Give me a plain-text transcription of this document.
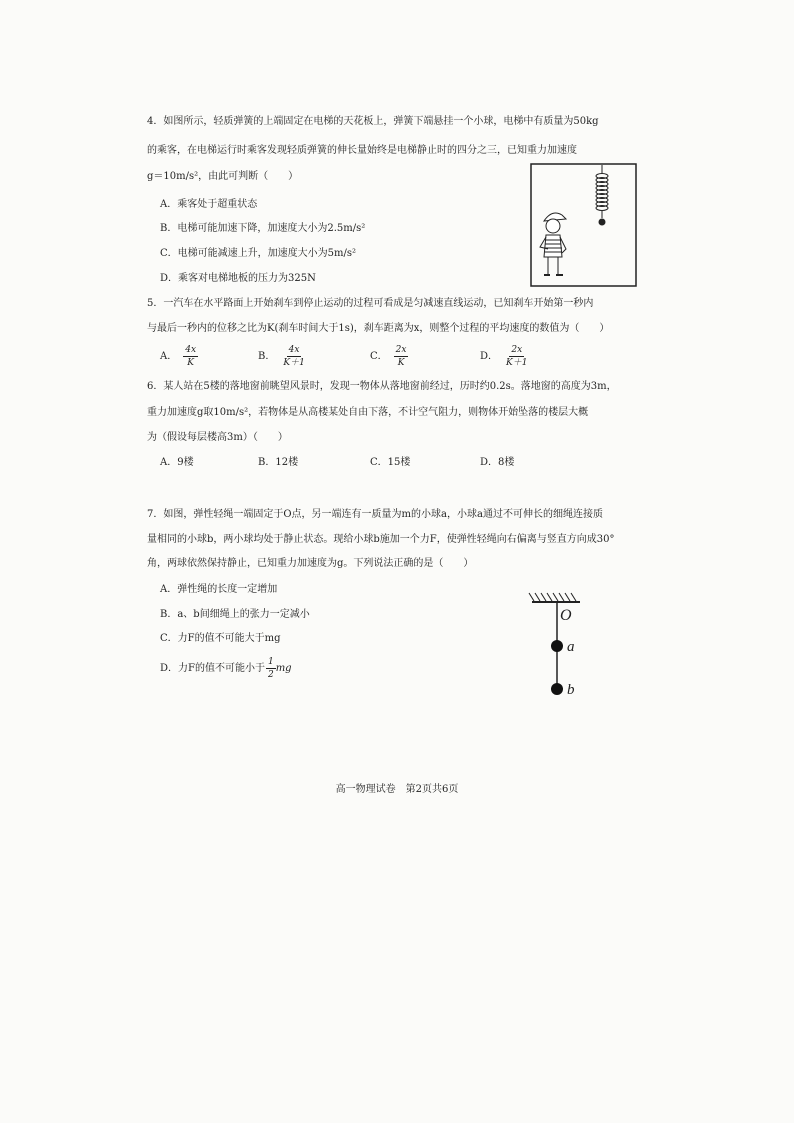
4．如图所示，轻质弹簧的上端固定在电梯的天花板上，弹簧下端悬挂一个小球，电梯中有质量为50kg
的乘客，在电梯运行时乘客发现轻质弹簧的伸长量始终是电梯静止时的四分之三，已知重力加速度
g＝10m/s²，由此可判断（　　）
A．乘客处于超重状态
B．电梯可能加速下降，加速度大小为2.5m/s²
C．电梯可能减速上升，加速度大小为5m/s²
D．乘客对电梯地板的压力为325N
5．一汽车在水平路面上开始刹车到停止运动的过程可看成是匀减速直线运动，已知刹车开始第一秒内
与最后一秒内的位移之比为K(刹车时间大于1s)，刹车距离为x，则整个过程的平均速度的数值为（　　）
A． $\frac{4x}{K}$	B． $\frac{4x}{K+1}$	C． $\frac{2x}{K}$	D． $\frac{2x}{K+1}$
6．某人站在5楼的落地窗前眺望风景时，发现一物体从落地窗前经过，历时约0.2s。落地窗的高度为3m，
重力加速度g取10m/s²，若物体是从高楼某处自由下落，不计空气阻力，则物体开始坠落的楼层大概
为（假设每层楼高3m）（　　）
A．9楼	B．12楼	C．15楼	D．8楼
7．如图，弹性轻绳一端固定于O点，另一端连有一质量为m的小球a，小球a通过不可伸长的细绳连接质
量相同的小球b，两小球均处于静止状态。现给小球b施加一个力F，使弹性轻绳向右偏离与竖直方向成30°
角，两球依然保持静止，已知重力加速度为g。下列说法正确的是（　　）
A．弹性绳的长度一定增加
B．a、b间细绳上的张力一定减小
C．力F的值不可能大于mg
D．力F的值不可能小于 $\frac{1}{2}$ mg
O
a
b
高一物理试卷　第2页共6页
